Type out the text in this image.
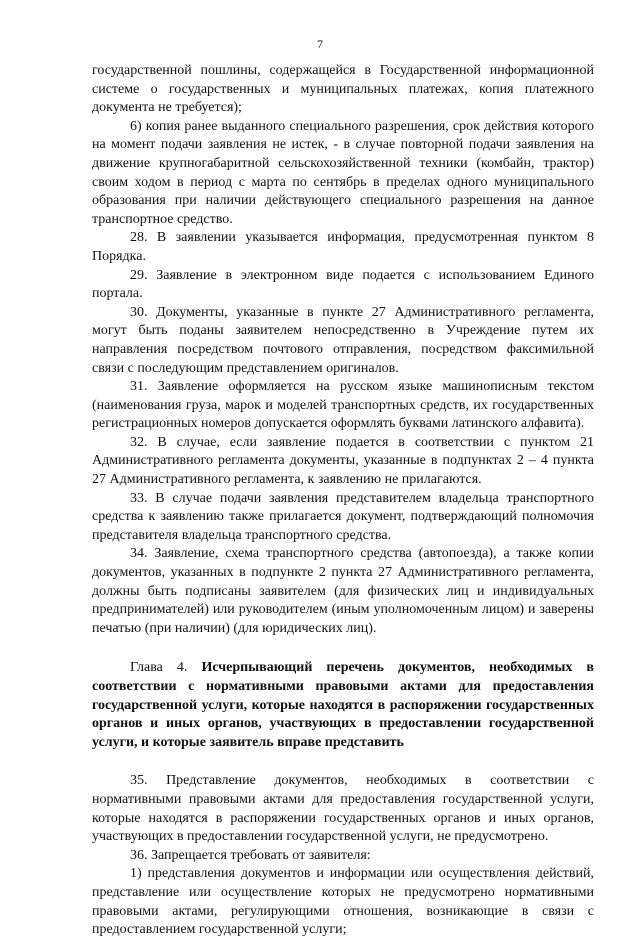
7

государственной пошлины, содержащейся в Государственной информационной системе о государственных и муниципальных платежах, копия платежного документа не требуется);

6) копия ранее выданного специального разрешения, срок действия которого на момент подачи заявления не истек, - в случае повторной подачи заявления на движение крупногабаритной сельскохозяйственной техники (комбайн, трактор) своим ходом в период с марта по сентябрь в пределах одного муниципального образования при наличии действующего специального разрешения на данное транспортное средство.

28. В заявлении указывается информация, предусмотренная пунктом 8 Порядка.

29. Заявление в электронном виде подается с использованием Единого портала.

30. Документы, указанные в пункте 27 Административного регламента, могут быть поданы заявителем непосредственно в Учреждение путем их направления посредством почтового отправления, посредством факсимильной связи с последующим представлением оригиналов.

31. Заявление оформляется на русском языке машинописным текстом (наименования груза, марок и моделей транспортных средств, их государственных регистрационных номеров допускается оформлять буквами латинского алфавита).

32. В случае, если заявление подается в соответствии с пунктом 21 Административного регламента документы, указанные в подпунктах 2 – 4 пункта 27 Административного регламента, к заявлению не прилагаются.

33. В случае подачи заявления представителем владельца транспортного средства к заявлению также прилагается документ, подтверждающий полномочия представителя владельца транспортного средства.

34. Заявление, схема транспортного средства (автопоезда), а также копии документов, указанных в подпункте 2 пункта 27 Административного регламента, должны быть подписаны заявителем (для физических лиц и индивидуальных предпринимателей) или руководителем (иным уполномоченным лицом) и заверены печатью (при наличии) (для юридических лиц).

Глава 4. Исчерпывающий перечень документов, необходимых в соответствии с нормативными правовыми актами для предоставления государственной услуги, которые находятся в распоряжении государственных органов и иных органов, участвующих в предоставлении государственной услуги, и которые заявитель вправе представить

35. Представление документов, необходимых в соответствии с нормативными правовыми актами для предоставления государственной услуги, которые находятся в распоряжении государственных органов и иных органов, участвующих в предоставлении государственной услуги, не предусмотрено.

36. Запрещается требовать от заявителя:

1) представления документов и информации или осуществления действий, представление или осуществление которых не предусмотрено нормативными правовыми актами, регулирующими отношения, возникающие в связи с предоставлением государственной услуги;
